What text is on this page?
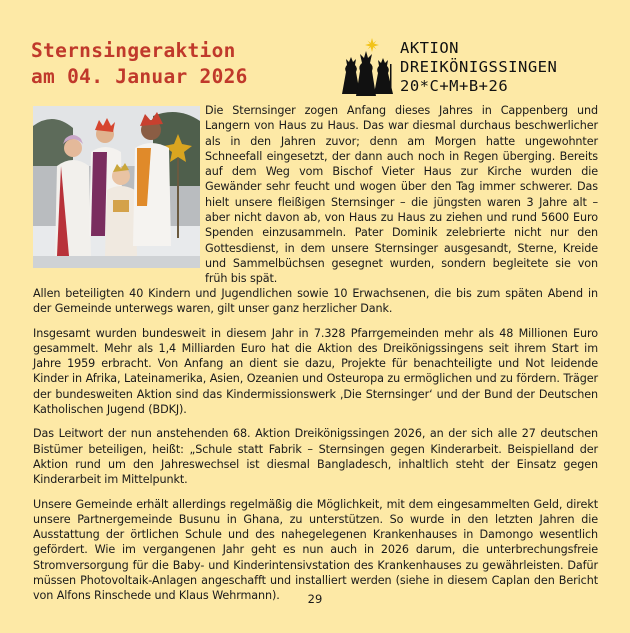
Sternsingeraktion
am 04. Januar 2026
AKTION
DREIKÖNIGSSINGEN
20*C+M+B+26

Die Sternsinger zogen Anfang dieses Jahres in Cappenberg und Langern von Haus zu Haus. Das war diesmal durchaus beschwerlicher als in den Jahren zuvor; denn am Morgen hatte ungewohnter Schneefall eingesetzt, der dann auch noch in Regen überging. Bereits auf dem Weg vom Bischof Vieter Haus zur Kirche wurden die Gewänder sehr feucht und wogen über den Tag immer schwerer. Das hielt unsere fleißigen Sternsinger – die jüngsten waren 3 Jahre alt – aber nicht davon ab, von Haus zu Haus zu ziehen und rund 5600 Euro Spenden einzusammeln. Pater Dominik zelebrierte nicht nur den Gottesdienst, in dem unsere Sternsinger ausgesandt, Sterne, Kreide und Sammelbüchsen gesegnet wurden, sondern begleitete sie von früh bis spät.

Allen beteiligten 40 Kindern und Jugendlichen sowie 10 Erwachsenen, die bis zum späten Abend in der Gemeinde unterwegs waren, gilt unser ganz herzlicher Dank.

Insgesamt wurden bundesweit in diesem Jahr in 7.328 Pfarrgemeinden mehr als 48 Millionen Euro gesammelt. Mehr als 1,4 Milliarden Euro hat die Aktion des Dreikönigssingens seit ihrem Start im Jahre 1959 erbracht. Von Anfang an dient sie dazu, Projekte für benachteiligte und Not leidende Kinder in Afrika, Lateinamerika, Asien, Ozeanien und Osteuropa zu ermöglichen und zu fördern. Träger der bundesweiten Aktion sind das Kindermissionswerk ‚Die Sternsinger‘ und der Bund der Deutschen Katholischen Jugend (BDKJ).

Das Leitwort der nun anstehenden 68. Aktion Dreikönigssingen 2026, an der sich alle 27 deutschen Bistümer beteiligen, heißt: „Schule statt Fabrik – Sternsingen gegen Kinderarbeit. Beispielland der Aktion rund um den Jahreswechsel ist diesmal Bangladesch, inhaltlich steht der Einsatz gegen Kinderarbeit im Mittelpunkt.

Unsere Gemeinde erhält allerdings regelmäßig die Möglichkeit, mit dem eingesammelten Geld, direkt unsere Partnergemeinde Busunu in Ghana, zu unterstützen. So wurde in den letzten Jahren die Ausstattung der örtlichen Schule und des nahegelegenen Krankenhauses in Damongo wesentlich gefördert. Wie im vergangenen Jahr geht es nun auch in 2026 darum, die unterbrechungsfreie Stromversorgung für die Baby- und Kinderintensivstation des Krankenhauses zu gewährleisten. Dafür müssen Photovoltaik-Anlagen angeschafft und installiert werden (siehe in diesem Caplan den Bericht von Alfons Rinschede und Klaus Wehrmann).	29
